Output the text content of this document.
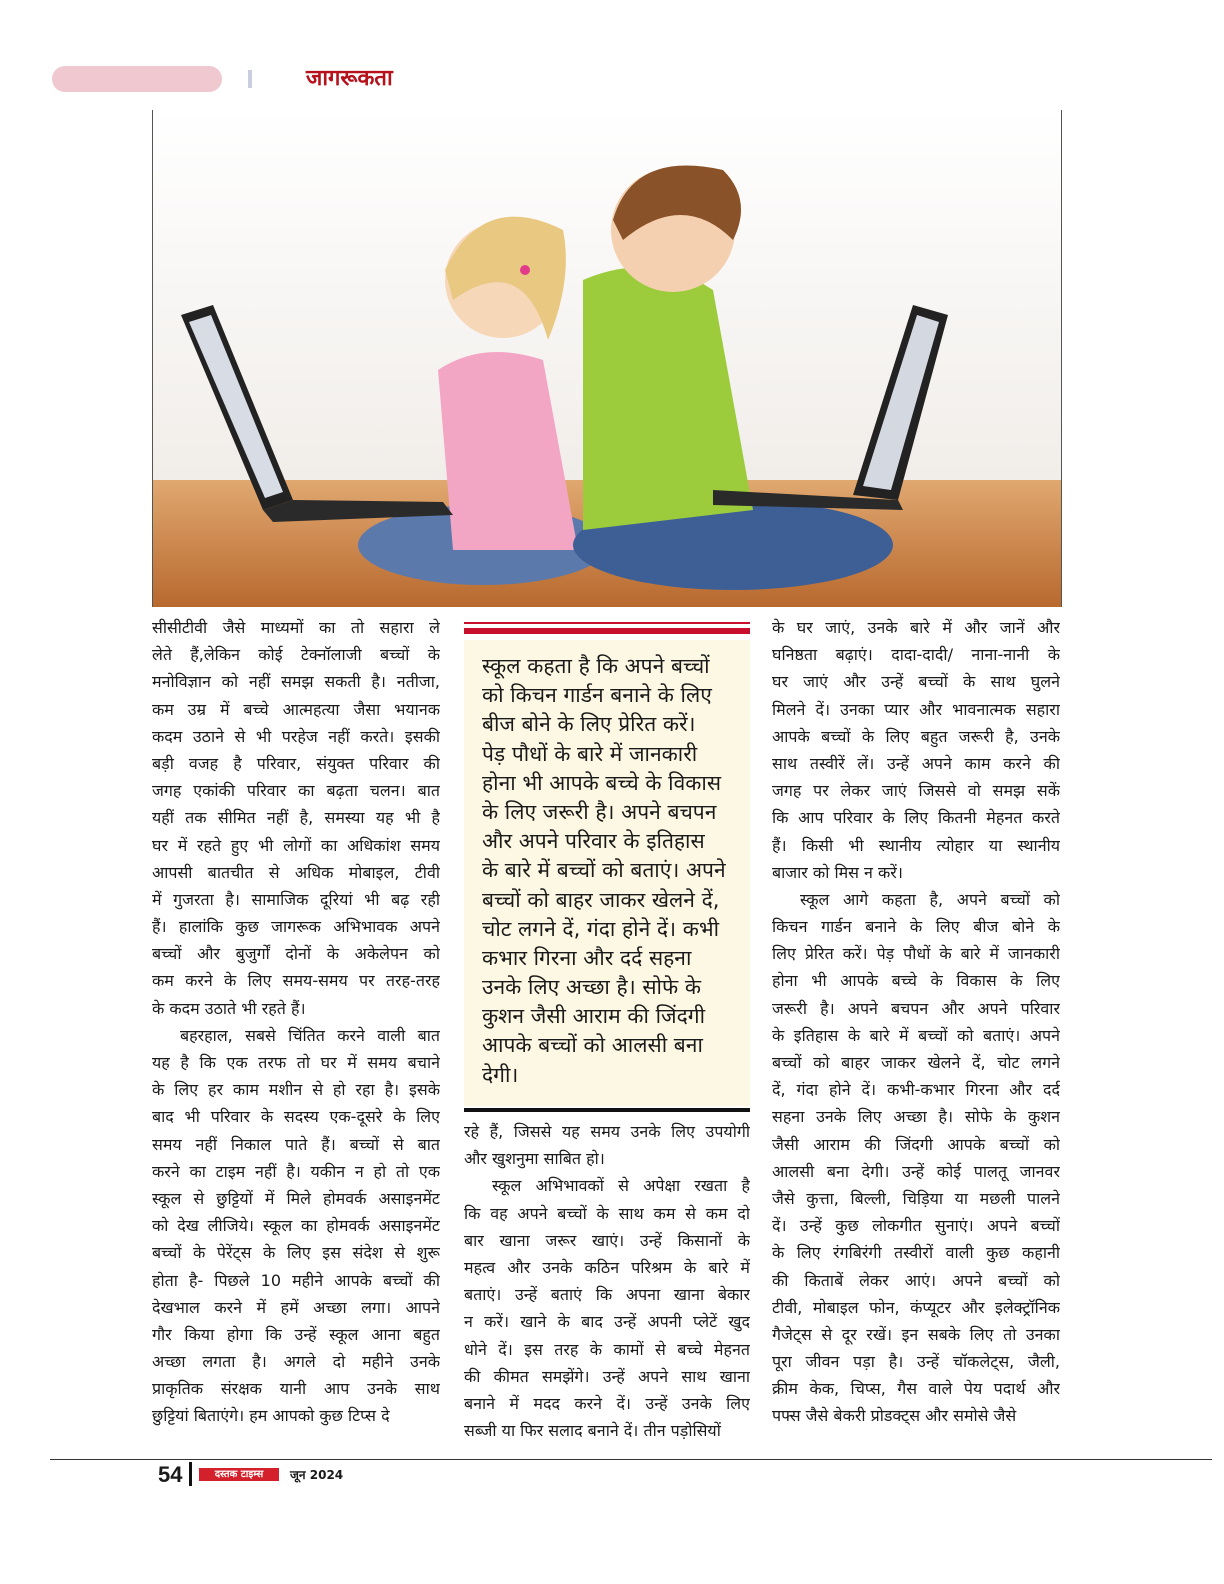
जागरूकता
सीसीटीवी जैसे माध्यमों का तो सहारा ले
लेते हैं,लेकिन कोई टेक्नॉलाजी बच्चों के
मनोविज्ञान को नहीं समझ सकती है। नतीजा,
कम उम्र में बच्चे आत्महत्या जैसा भयानक
कदम उठाने से भी परहेज नहीं करते। इसकी
बड़ी वजह है परिवार, संयुक्त परिवार की
जगह एकांकी परिवार का बढ़ता चलन। बात
यहीं तक सीमित नहीं है, समस्या यह भी है
घर में रहते हुए भी लोगों का अधिकांश समय
आपसी बातचीत से अधिक मोबाइल, टीवी
में गुजरता है। सामाजिक दूरियां भी बढ़ रही
हैं। हालांकि कुछ जागरूक अभिभावक अपने
बच्चों और बुजुर्गों दोनों के अकेलेपन को
कम करने के लिए समय-समय पर तरह-तरह
के कदम उठाते भी रहते हैं।
बहरहाल, सबसे चिंतित करने वाली बात
यह है कि एक तरफ तो घर में समय बचाने
के लिए हर काम मशीन से हो रहा है। इसके
बाद भी परिवार के सदस्य एक-दूसरे के लिए
समय नहीं निकाल पाते हैं। बच्चों से बात
करने का टाइम नहीं है। यकीन न हो तो एक
स्कूल से छुट्टियों में मिले होमवर्क असाइनमेंट
को देख लीजिये। स्कूल का होमवर्क असाइनमेंट
बच्चों के पेरेंट्स के लिए इस संदेश से शुरू
होता है- पिछले 10 महीने आपके बच्चों की
देखभाल करने में हमें अच्छा लगा। आपने
गौर किया होगा कि उन्हें स्कूल आना बहुत
अच्छा लगता है। अगले दो महीने उनके
प्राकृतिक संरक्षक यानी आप उनके साथ
छुट्टियां बिताएंगे। हम आपको कुछ टिप्स दे
रहे हैं, जिससे यह समय उनके लिए उपयोगी
और खुशनुमा साबित हो।
स्कूल अभिभावकों से अपेक्षा रखता है
कि वह अपने बच्चों के साथ कम से कम दो
बार खाना जरूर खाएं। उन्हें किसानों के
महत्व और उनके कठिन परिश्रम के बारे में
बताएं। उन्हें बताएं कि अपना खाना बेकार
न करें। खाने के बाद उन्हें अपनी प्लेटें खुद
धोने दें। इस तरह के कामों से बच्चे मेहनत
की कीमत समझेंगे। उन्हें अपने साथ खाना
बनाने में मदद करने दें। उन्हें उनके लिए
सब्जी या फिर सलाद बनाने दें। तीन पड़ोसियों
के घर जाएं, उनके बारे में और जानें और
घनिष्ठता बढ़ाएं। दादा-दादी/ नाना-नानी के
घर जाएं और उन्हें बच्चों के साथ घुलने
मिलने दें। उनका प्यार और भावनात्मक सहारा
आपके बच्चों के लिए बहुत जरूरी है, उनके
साथ तस्वीरें लें। उन्हें अपने काम करने की
जगह पर लेकर जाएं जिससे वो समझ सकें
कि आप परिवार के लिए कितनी मेहनत करते
हैं। किसी भी स्थानीय त्योहार या स्थानीय
बाजार को मिस न करें।
स्कूल आगे कहता है, अपने बच्चों को
किचन गार्डन बनाने के लिए बीज बोने के
लिए प्रेरित करें। पेड़ पौधों के बारे में जानकारी
होना भी आपके बच्चे के विकास के लिए
जरूरी है। अपने बचपन और अपने परिवार
के इतिहास के बारे में बच्चों को बताएं। अपने
बच्चों को बाहर जाकर खेलने दें, चोट लगने
दें, गंदा होने दें। कभी-कभार गिरना और दर्द
सहना उनके लिए अच्छा है। सोफे के कुशन
जैसी आराम की जिंदगी आपके बच्चों को
आलसी बना देगी। उन्हें कोई पालतू जानवर
जैसे कुत्ता, बिल्ली, चिड़िया या मछली पालने
दें। उन्हें कुछ लोकगीत सुनाएं। अपने बच्चों
के लिए रंगबिरंगी तस्वीरों वाली कुछ कहानी
की किताबें लेकर आएं। अपने बच्चों को
टीवी, मोबाइल फोन, कंप्यूटर और इलेक्ट्रॉनिक
गैजेट्स से दूर रखें। इन सबके लिए तो उनका
पूरा जीवन पड़ा है। उन्हें चॉकलेट्स, जैली,
क्रीम केक, चिप्स, गैस वाले पेय पदार्थ और
पफ्स जैसे बेकरी प्रोडक्ट्स और समोसे जैसे
स्कूल कहता है कि अपने बच्चों
को किचन गार्डन बनाने के लिए
बीज बोने के लिए प्रेरित करें।
पेड़ पौधों के बारे में जानकारी
होना भी आपके बच्चे के विकास
के लिए जरूरी है। अपने बचपन
और अपने परिवार के इतिहास
के बारे में बच्चों को बताएं। अपने
बच्चों को बाहर जाकर खेलने दें,
चोट लगने दें, गंदा होने दें। कभी
कभार गिरना और दर्द सहना
उनके लिए अच्छा है। सोफे के
कुशन जैसी आराम की जिंदगी
आपके बच्चों को आलसी बना
देगी।
54	दस्तक टाइम्स	जून 2024
